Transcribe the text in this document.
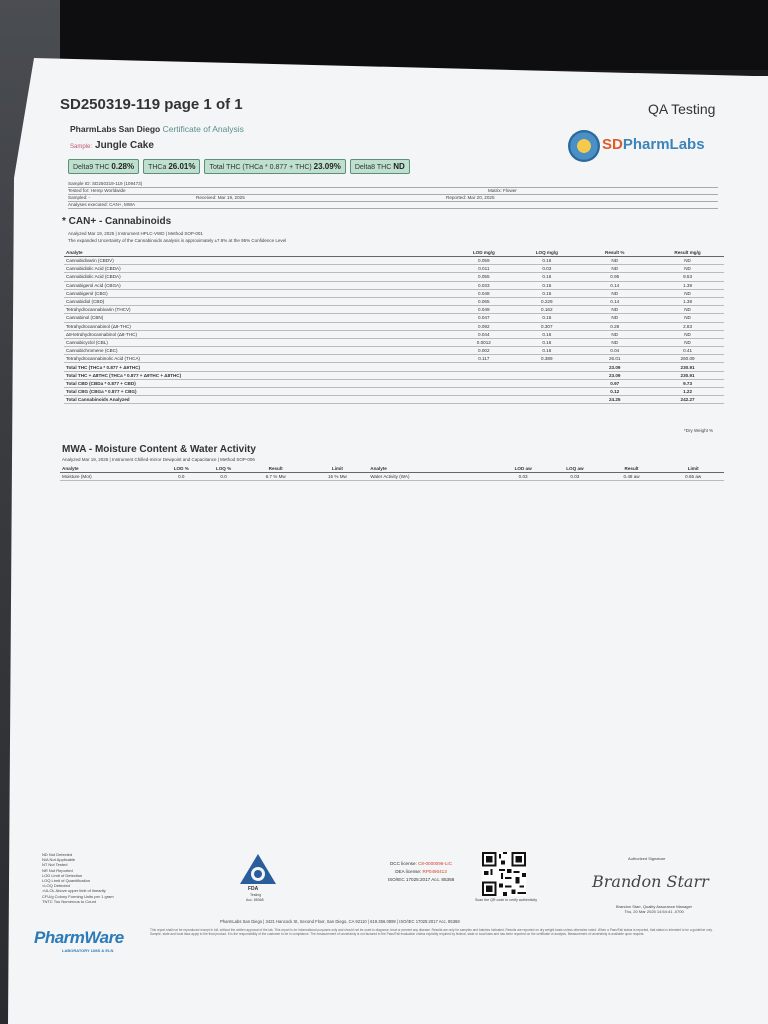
SD250319-119 page 1 of 1	QA Testing
PharmLabs San Diego Certificate of Analysis
Sample: Jungle Cake	SDPharmLabs
Delta9 THC 0.28%	THCa 26.01%	Total THC (THCa * 0.877 + THC) 23.09%	Delta8 THC ND
Sample ID: SD250319-119 (109473)
Tested for: Hemp Worldwide	Matrix: Flower
Sampled: -	Received: Mar 19, 2025	Reported: Mar 20, 2025
Analyses executed: CAN+, MWA
* CAN+ - Cannabinoids
Analyzed Mar 19, 2025 | Instrument HPLC-VWD | Method SOP-001
The expanded Uncertainty of the Cannabinoids analysis is approximately ±7.8% at the 95% Confidence Level
Analyte	LOD mg/g	LOQ mg/g	Result %	Result mg/g
Cannabidivarin (CBDV)	0.059	0.16	ND	ND
Cannabidiolic Acid (CBDA)	0.011	0.03	ND	ND
Cannabidiolic Acid (CBDA)	0.055	0.16	0.95	9.53
Cannabigerol Acid (CBGA)	0.033	0.16	0.14	1.39
Cannabigerol (CBG)	0.048	0.16	ND	ND
Cannabidiol (CBD)	0.065	0.229	0.14	1.38
Tetrahydrocannabivarin (THCV)	0.049	0.162	ND	ND
Cannabinol (CBN)	0.047	0.16	ND	ND
Tetrahydrocannabinol (Δ9-THC)	0.092	0.307	0.28	2.83
Δ8-tetrahydrocannabinol (Δ8-THC)	0.044	0.16	ND	ND
Cannabicyclol (CBL)	0.0012	0.16	ND	ND
Cannabichromene (CBC)	0.002	0.16	0.04	0.41
Tetrahydrocannabinolic Acid (THCA)	0.117	0.389	26.01	260.09
Total THC (THCa * 0.877 + Δ9THC)			23.09	230.91
Total THC + Δ8THC (THCa * 0.877 + Δ9THC + Δ8THC)			23.09	230.91
Total CBD (CBDa * 0.877 + CBD)			0.97	9.73
Total CBG (CBGa * 0.877 + CBG)			0.12	1.22
Total Cannabinoids Analyzed			24.25	242.27
*Dry Weight %
MWA - Moisture Content & Water Activity
Analyzed Mar 19, 2025 | Instrument Chilled-mirror Dewpoint and Capacitance | Method SOP-006
Analyte	LOD %	LOQ %	Result	Limit	Analyte	LOD aw	LOQ aw	Result	Limit
Moisture (MoI)	0.0	0.0	6.7 % Mw	15 % Mw	Water Activity (WA)	0.03	0.03	0.48 aw	0.65 aw
ND Not Detected
N/A Not Applicable
NT Not Tested
NR Not Reported
LOD Limit of Detection
LOQ Limit of Quantification
<LOQ Detected
>ULOL Above upper limit of linearity
CFU/g Colony Forming Units per 1 gram
TNTC Too Numerous to Count
FDA
Testing
Acc. 85368
DCC license: C8-0000096-LIC
DEA license: RP0490413
ISO/IEC 17025:2017 Acc. 85368
Scan the QR code to verify authenticity
Authorized Signature
Brandon Starr
Brandon Starr, Quality Assurance Manager
Thu, 20 Mar 2025 14:54:41 -0700
PharmLabs San Diego | 3421 Hancock St, Second Floor, San Diego, CA 92110 | 619.356.0899 | ISO/IEC 17025:2017 Acc. 85368
This report shall not be reproduced except in full, without the written approval of the lab. This report is for informational purposes only and should not be used to diagnose, treat or prevent any disease. Results are only for samples and batches indicated. Results are reported on dry weight basis unless otherwise noted. When a Pass/Fail status is reported, that status is intended to be a guideline only. Sample, state and local laws apply to the final product. It is the responsibility of the customer to be in compliance. The measurement of uncertainty is not factored in the Pass/Fail evaluation unless explicitly required by federal, state or local laws and has been reported on the certificate of analysis. Measurement of uncertainty is available upon request.
PharmWare
LABORATORY LIMS & ELN
